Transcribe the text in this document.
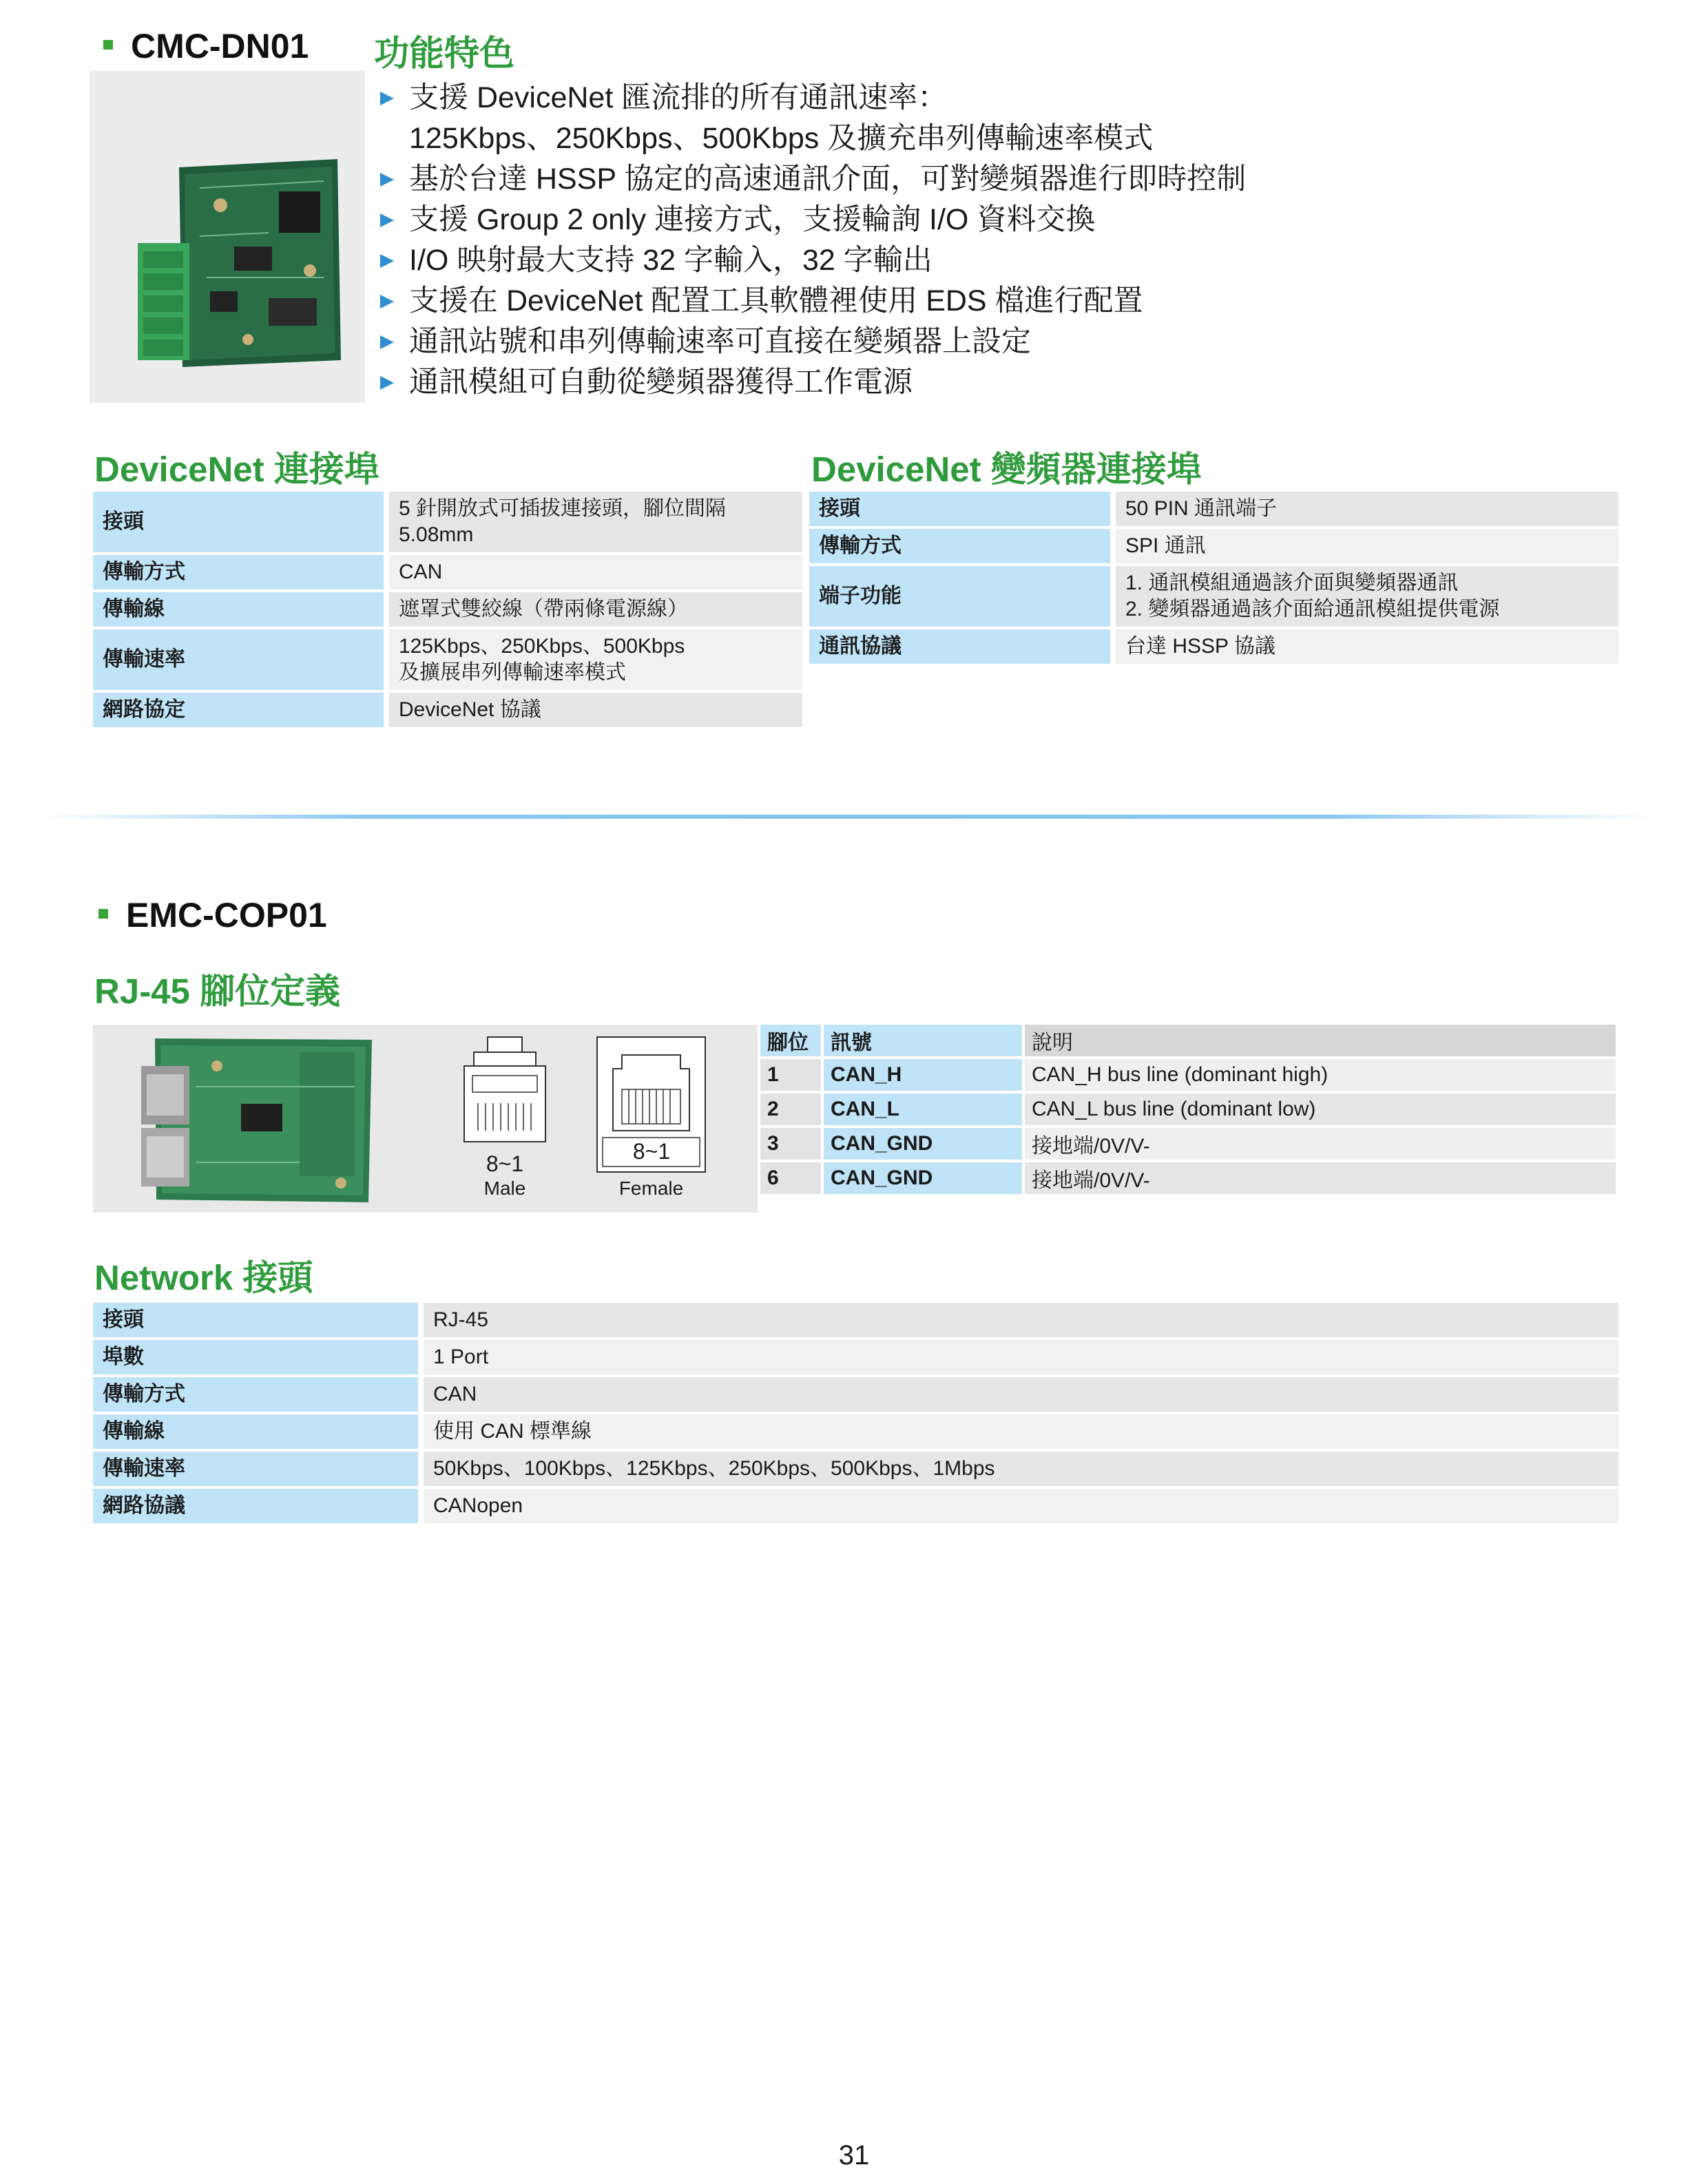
CMC-DN01 功能特色
支援 DeviceNet 匯流排的所有通訊速率：
125Kbps、250Kbps、500Kbps 及擴充串列傳輸速率模式
基於台達 HSSP 協定的高速通訊介面，可對變頻器進行即時控制
支援 Group 2 only 連接方式，支援輪詢 I/O 資料交換
I/O 映射最大支持 32 字輸入，32 字輸出
支援在 DeviceNet 配置工具軟體裡使用 EDS 檔進行配置
通訊站號和串列傳輸速率可直接在變頻器上設定
通訊模組可自動從變頻器獲得工作電源
DeviceNet 連接埠
接頭	5 針開放式可插拔連接頭，腳位間隔
5.08mm

傳輸方式	CAN
傳輸線	遮罩式雙絞線（帶兩條電源線）
傳輸速率	125Kbps、250Kbps、500Kbps
及擴展串列傳輸速率模式

網路協定	DeviceNet 協議
DeviceNet 變頻器連接埠
接頭	50 PIN 通訊端子
傳輸方式	SPI 通訊
端子功能	1. 通訊模組通過該介面與變頻器通訊
2. 變頻器通過該介面給通訊模組提供電源

通訊協議	台達 HSSP 協議
EMC-COP01
RJ-45 腳位定義
8~1
Male
8~1
Female
腳位	訊號	說明
1	CAN_H	CAN_H bus line (dominant high)
2	CAN_L	CAN_L bus line (dominant low)
3	CAN_GND	接地端/0V/V-
6	CAN_GND	接地端/0V/V-
Network 接頭
接頭	RJ-45
埠數	1 Port
傳輸方式	CAN
傳輸線	使用 CAN 標準線
傳輸速率	50Kbps、100Kbps、125Kbps、250Kbps、500Kbps、1Mbps
網路協議	CANopen
31
